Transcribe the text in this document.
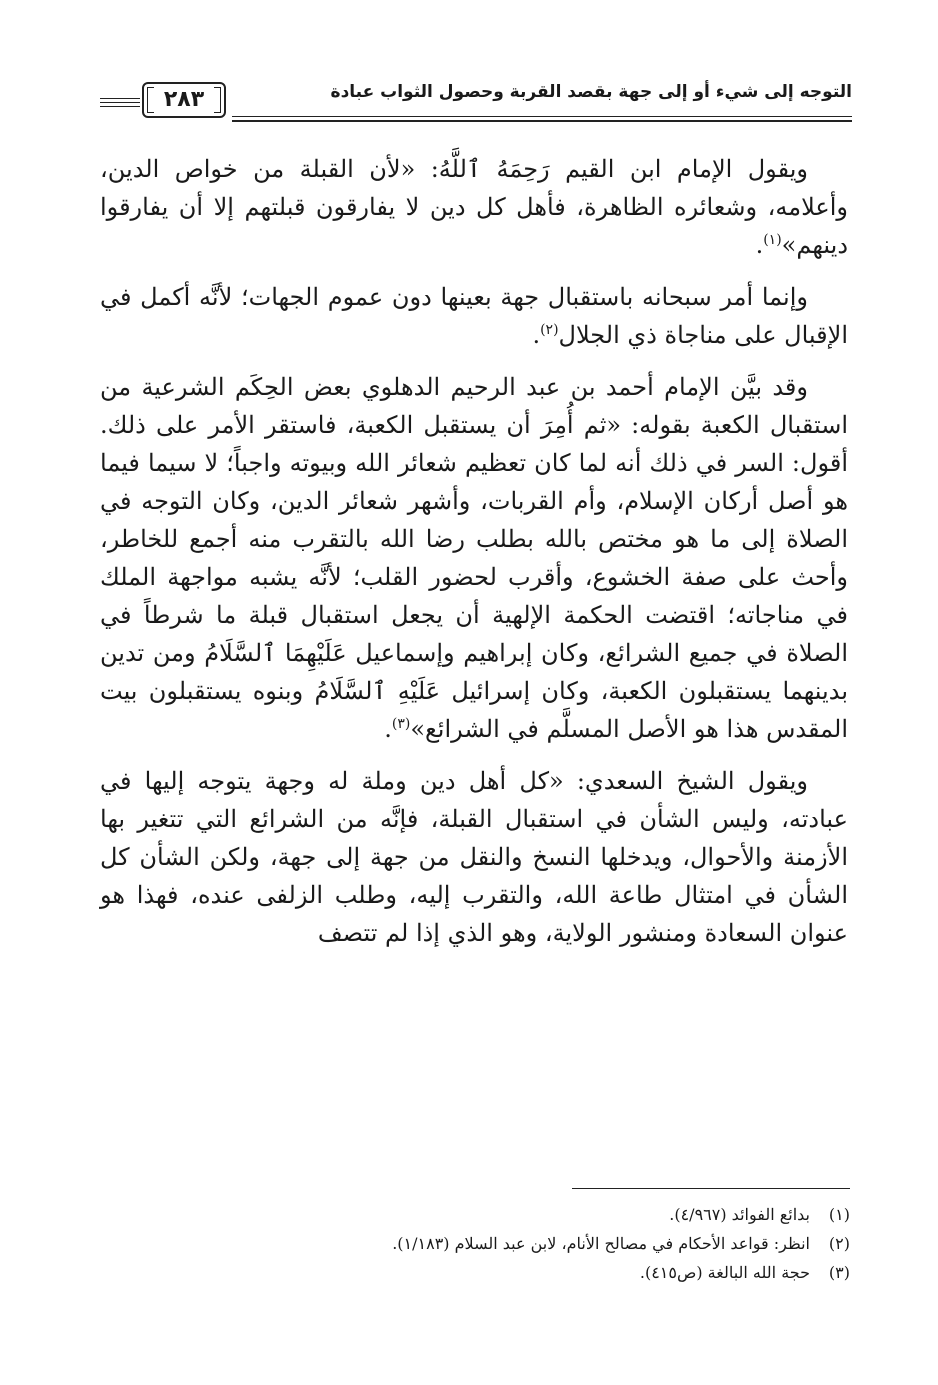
التوجه إلى شيء أو إلى جهة بقصد القربة وحصول الثواب عبادة
٢٨٣

ويقول الإمام ابن القيم رَحِمَهُ ٱللَّهُ: «لأن القبلة من خواص الدين، وأعلامه، وشعائره الظاهرة، فأهل كل دين لا يفارقون قبلتهم إلا أن يفارقوا دينهم»$^{(١)}$.

وإنما أمر سبحانه باستقبال جهة بعينها دون عموم الجهات؛ لأنَّه أكمل في الإقبال على مناجاة ذي الجلال$^{(٢)}$.

وقد بيَّن الإمام أحمد بن عبد الرحيم الدهلوي بعض الحِكَم الشرعية من استقبال الكعبة بقوله: «ثم أُمِرَ أن يستقبل الكعبة، فاستقر الأمر على ذلك. أقول: السر في ذلك أنه لما كان تعظيم شعائر الله وبيوته واجباً؛ لا سيما فيما هو أصل أركان الإسلام، وأم القربات، وأشهر شعائر الدين، وكان التوجه في الصلاة إلى ما هو مختص بالله بطلب رضا الله بالتقرب منه أجمع للخاطر، وأحث على صفة الخشوع، وأقرب لحضور القلب؛ لأنَّه يشبه مواجهة الملك في مناجاته؛ اقتضت الحكمة الإلهية أن يجعل استقبال قبلة ما شرطاً في الصلاة في جميع الشرائع، وكان إبراهيم وإسماعيل عَلَيْهِمَا ٱلسَّلَامُ ومن تدين بدينهما يستقبلون الكعبة، وكان إسرائيل عَلَيْهِ ٱلسَّلَامُ وبنوه يستقبلون بيت المقدس هذا هو الأصل المسلَّم في الشرائع»$^{(٣)}$.

ويقول الشيخ السعدي: «كل أهل دين وملة له وجهة يتوجه إليها في عبادته، وليس الشأن في استقبال القبلة، فإنَّه من الشرائع التي تتغير بها الأزمنة والأحوال، ويدخلها النسخ والنقل من جهة إلى جهة، ولكن الشأن كل الشأن في امتثال طاعة الله، والتقرب إليه، وطلب الزلفى عنده، فهذا هو عنوان السعادة ومنشور الولاية، وهو الذي إذا لم تتصف

(١)بدائع الفوائد (٤/٩٦٧).
(٢)انظر: قواعد الأحكام في مصالح الأنام، لابن عبد السلام (١/١٨٣).
(٣)حجة الله البالغة (ص٤١٥).
